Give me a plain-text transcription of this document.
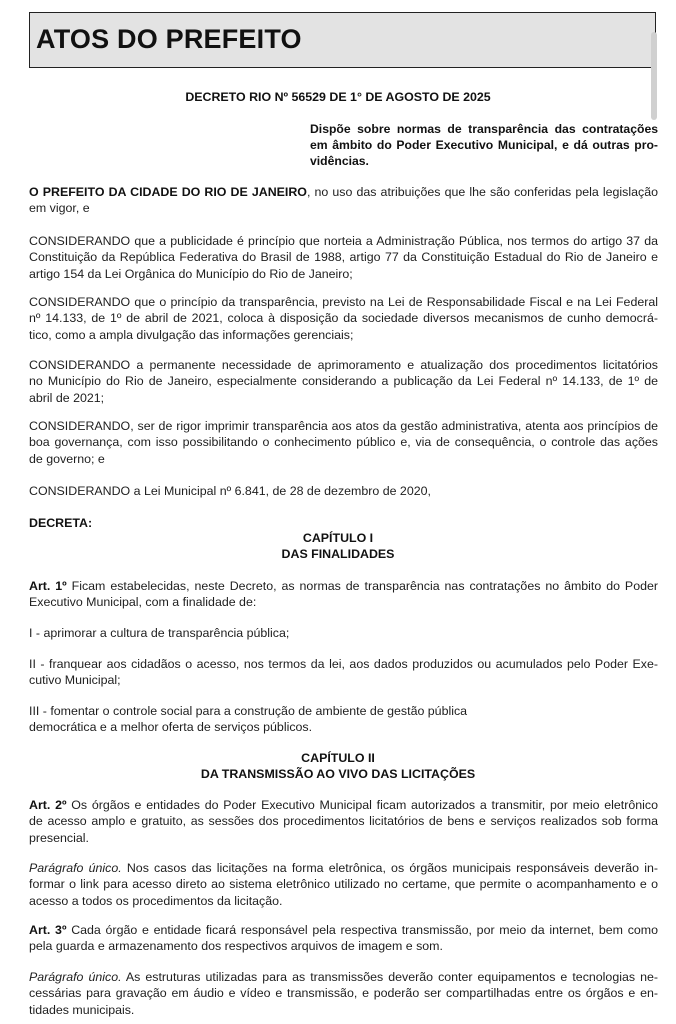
ATOS DO PREFEITO
DECRETO RIO Nº 56529 DE 1° DE AGOSTO DE 2025
Dispõe sobre normas de transparência das contratações
em âmbito do Poder Executivo Municipal, e dá outras pro-
vidências.
O PREFEITO DA CIDADE DO RIO DE JANEIRO, no uso das atribuições que lhe são conferidas pela legislação
em vigor, e
CONSIDERANDO que a publicidade é princípio que norteia a Administração Pública, nos termos do artigo 37 da
Constituição da República Federativa do Brasil de 1988, artigo 77 da Constituição Estadual do Rio de Janeiro e
artigo 154 da Lei Orgânica do Município do Rio de Janeiro;
CONSIDERANDO que o princípio da transparência, previsto na Lei de Responsabilidade Fiscal e na Lei Federal
nº 14.133, de 1º de abril de 2021, coloca à disposição da sociedade diversos mecanismos de cunho democrá-
tico, como a ampla divulgação das informações gerenciais;
CONSIDERANDO a permanente necessidade de aprimoramento e atualização dos procedimentos licitatórios
no Município do Rio de Janeiro, especialmente considerando a publicação da Lei Federal nº 14.133, de 1º de
abril de 2021;
CONSIDERANDO, ser de rigor imprimir transparência aos atos da gestão administrativa, atenta aos princípios de
boa governança, com isso possibilitando o conhecimento público e, via de consequência, o controle das ações
de governo; e
CONSIDERANDO a Lei Municipal nº 6.841, de 28 de dezembro de 2020,
DECRETA:
CAPÍTULO I
DAS FINALIDADES
Art. 1º Ficam estabelecidas, neste Decreto, as normas de transparência nas contratações no âmbito do Poder
Executivo Municipal, com a finalidade de:
I - aprimorar a cultura de transparência pública;
II - franquear aos cidadãos o acesso, nos termos da lei, aos dados produzidos ou acumulados pelo Poder Exe-
cutivo Municipal;
III - fomentar o controle social para a construção de ambiente de gestão pública
democrática e a melhor oferta de serviços públicos.
CAPÍTULO II
DA TRANSMISSÃO AO VIVO DAS LICITAÇÕES
Art. 2º Os órgãos e entidades do Poder Executivo Municipal ficam autorizados a transmitir, por meio eletrônico
de acesso amplo e gratuito, as sessões dos procedimentos licitatórios de bens e serviços realizados sob forma
presencial.
Parágrafo único. Nos casos das licitações na forma eletrônica, os órgãos municipais responsáveis deverão in-
formar o link para acesso direto ao sistema eletrônico utilizado no certame, que permite o acompanhamento e o
acesso a todos os procedimentos da licitação.
Art. 3º Cada órgão e entidade ficará responsável pela respectiva transmissão, por meio da internet, bem como
pela guarda e armazenamento dos respectivos arquivos de imagem e som.
Parágrafo único. As estruturas utilizadas para as transmissões deverão conter equipamentos e tecnologias ne-
cessárias para gravação em áudio e vídeo e transmissão, e poderão ser compartilhadas entre os órgãos e en-
tidades municipais.
